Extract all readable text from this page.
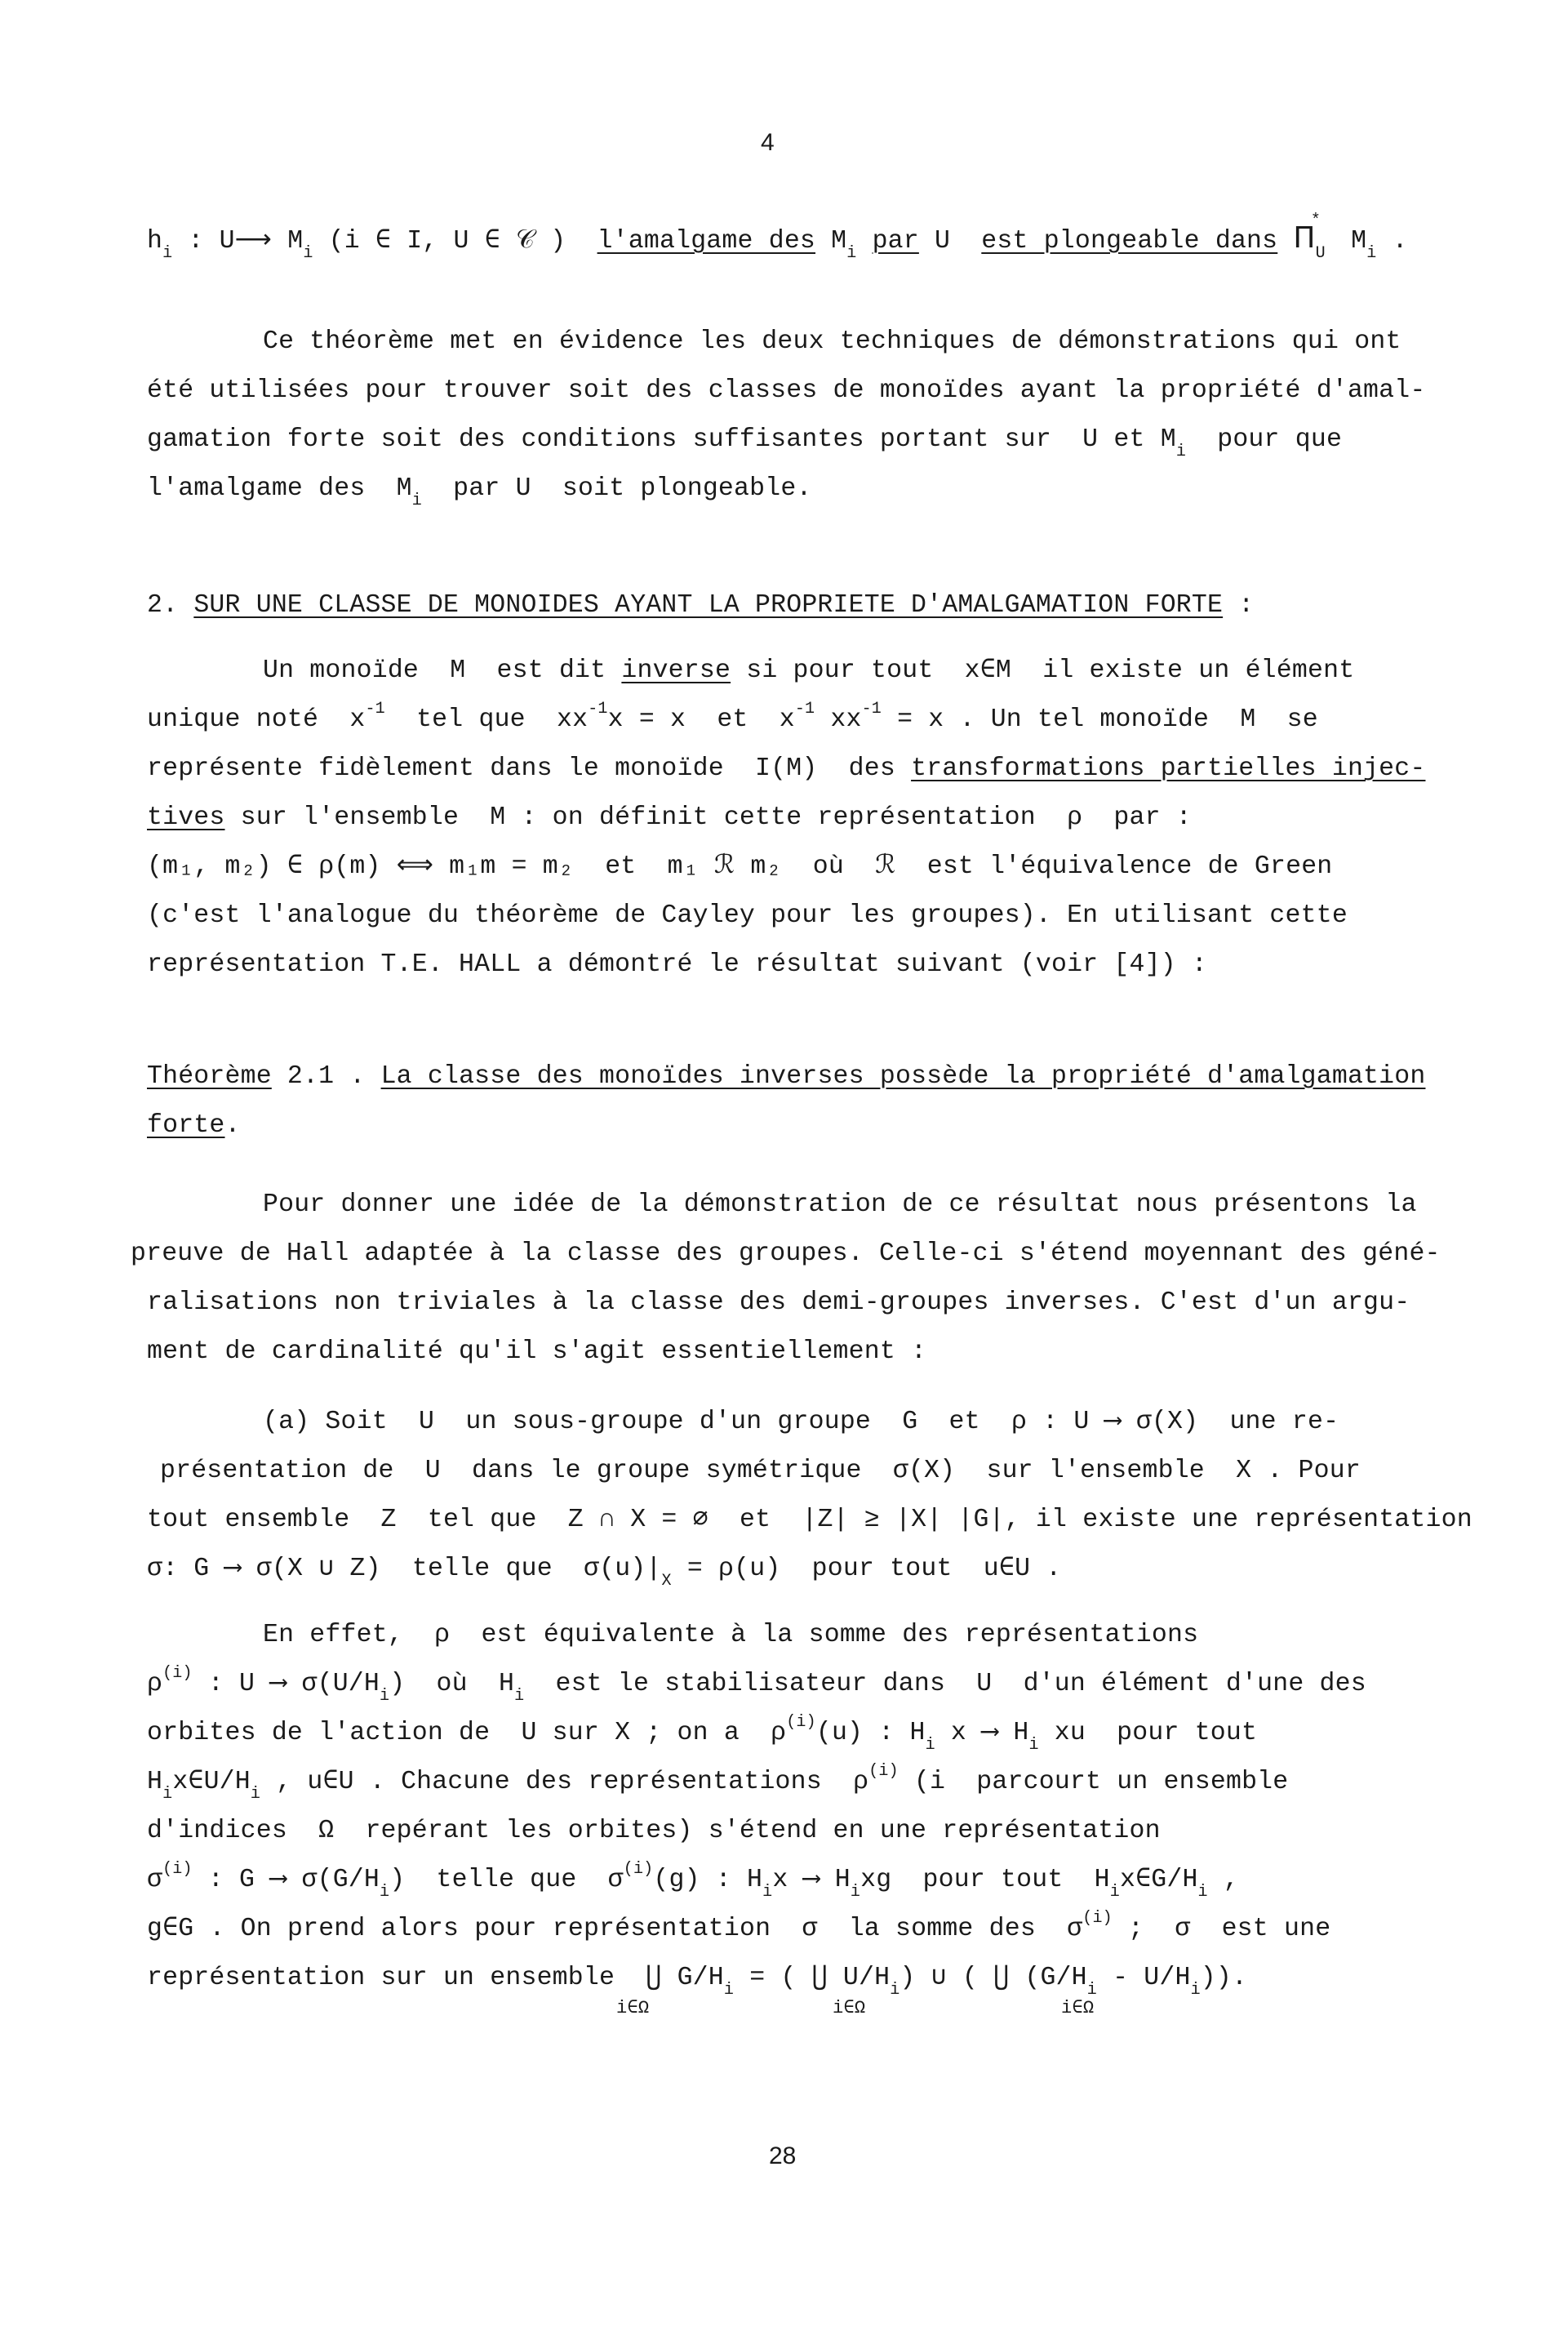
4
$h_i$ : U⟶ $M_i$ (i ∈ I, U ∈ 𝒞 ) l'amalgame des $M_i$ par U  est plongeable dans $\Pi_U^*$ $M_i$ .
Ce théorème met en évidence les deux techniques de démonstrations qui ont
été utilisées pour trouver soit des classes de monoïdes ayant la propriété d'amal-
gamation forte soit des conditions suffisantes portant sur  U et $M_i$  pour que
l'amalgame des  $M_i$  par U  soit plongeable.
2. SUR UNE CLASSE DE MONOIDES AYANT LA PROPRIETE D'AMALGAMATION FORTE :
Un monoïde  M  est dit inverse si pour tout  x∈M  il existe un élément
unique noté  $x^{-1}$  tel que  $xx^{-1}x = x$  et  $x^{-1}$ $xx^{-1} = x$ . Un tel monoïde  M  se
représente fidèlement dans le monoïde  I(M)  des transformations partielles injec-
tives sur l'ensemble  M : on définit cette représentation  ρ  par :
(m₁, m₂) ∈ ρ(m) ⟺ m₁m = m₂  et  m₁ ℛ m₂  où  ℛ  est l'équivalence de Green
(c'est l'analogue du théorème de Cayley pour les groupes). En utilisant cette
représentation T.E. HALL a démontré le résultat suivant (voir [4]) :
Théorème 2.1 . La classe des monoïdes inverses possède la propriété d'amalgamation
forte.
Pour donner une idée de la démonstration de ce résultat nous présentons la
preuve de Hall adaptée à la classe des groupes. Celle-ci s'étend moyennant des géné-
ralisations non triviales à la classe des demi-groupes inverses. C'est d'un argu-
ment de cardinalité qu'il s'agit essentiellement :
(a) Soit  U  un sous-groupe d'un groupe  G  et  ρ : U ⟶ σ(X)  une re-
présentation de  U  dans le groupe symétrique  σ(X)  sur l'ensemble  X . Pour
tout ensemble  Z  tel que  Z ∩ X = ∅  et  |Z| ≥ |X| |G|, il existe une représentation
σ: G ⟶ σ(X ∪ Z)  telle que  $\sigma(u)|_X = \rho(u)$  pour tout  u∈U .
En effet,  ρ  est équivalente à la somme des représentations
$\rho^{(i)}$ : U ⟶ $\sigma(U/H_i)$  où  $H_i$  est le stabilisateur dans  U  d'un élément d'une des
orbites de l'action de  U sur X ; on a  $\rho^{(i)}(u)$ : $H_i$ x ⟶ $H_i$ xu  pour tout
$H_ix\in U/H_i$ , u∈U . Chacune des représentations  $\rho^{(i)}$ (i  parcourt un ensemble
d'indices  Ω  repérant les orbites) s'étend en une représentation
$\sigma^{(i)}$ : G ⟶ $\sigma(G/H_i)$  telle que  $\sigma^{(i)}(g)$ : $H_ix$ ⟶ $H_ixg$  pour tout  $H_ix\in G/H_i$ ,
g∈G . On prend alors pour représentation  σ  la somme des  $\sigma^{(i)}$ ;  σ  est une
représentation sur un ensemble  ⋃ $G/H_i$ = ( ⋃ $U/H_i$) ∪ ( ⋃ $(G/H_i - U/H_i)$).
i∈Ω	i∈Ω	i∈Ω
28
